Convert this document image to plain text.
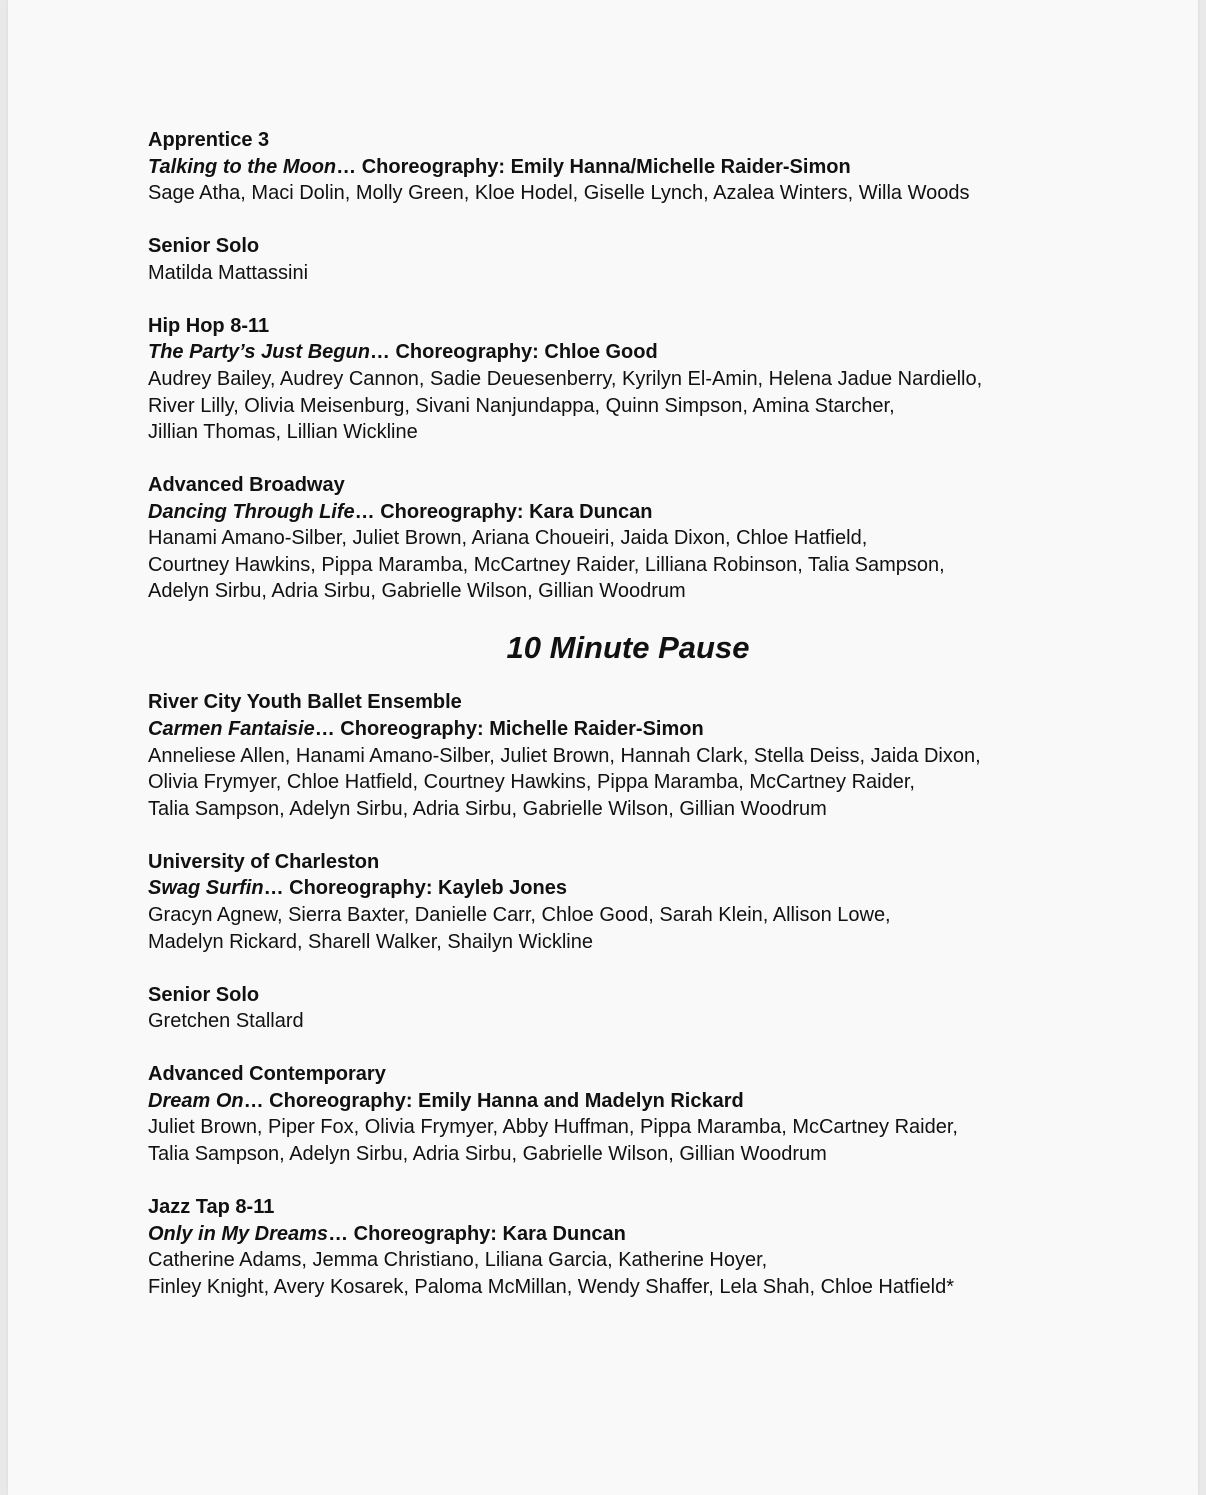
Apprentice 3
Talking to the Moon… Choreography: Emily Hanna/Michelle Raider-Simon
Sage Atha, Maci Dolin, Molly Green, Kloe Hodel, Giselle Lynch, Azalea Winters, Willa Woods
Senior Solo
Matilda Mattassini
Hip Hop 8-11
The Party’s Just Begun… Choreography: Chloe Good
Audrey Bailey, Audrey Cannon, Sadie Deuesenberry, Kyrilyn El-Amin, Helena Jadue Nardiello,
River Lilly, Olivia Meisenburg, Sivani Nanjundappa, Quinn Simpson, Amina Starcher,
Jillian Thomas, Lillian Wickline
Advanced Broadway
Dancing Through Life… Choreography: Kara Duncan
Hanami Amano-Silber, Juliet Brown, Ariana Choueiri, Jaida Dixon, Chloe Hatfield,
Courtney Hawkins, Pippa Maramba, McCartney Raider, Lilliana Robinson, Talia Sampson,
Adelyn Sirbu, Adria Sirbu, Gabrielle Wilson, Gillian Woodrum
10 Minute Pause
River City Youth Ballet Ensemble
Carmen Fantaisie… Choreography: Michelle Raider-Simon
Anneliese Allen, Hanami Amano-Silber, Juliet Brown, Hannah Clark, Stella Deiss, Jaida Dixon,
Olivia Frymyer, Chloe Hatfield, Courtney Hawkins, Pippa Maramba, McCartney Raider,
Talia Sampson, Adelyn Sirbu, Adria Sirbu, Gabrielle Wilson, Gillian Woodrum
University of Charleston
Swag Surfin… Choreography: Kayleb Jones
Gracyn Agnew, Sierra Baxter, Danielle Carr, Chloe Good, Sarah Klein, Allison Lowe,
Madelyn Rickard, Sharell Walker, Shailyn Wickline
Senior Solo
Gretchen Stallard
Advanced Contemporary
Dream On… Choreography: Emily Hanna and Madelyn Rickard
Juliet Brown, Piper Fox, Olivia Frymyer, Abby Huffman, Pippa Maramba, McCartney Raider,
Talia Sampson, Adelyn Sirbu, Adria Sirbu, Gabrielle Wilson, Gillian Woodrum
Jazz Tap 8-11
Only in My Dreams… Choreography: Kara Duncan
Catherine Adams, Jemma Christiano, Liliana Garcia, Katherine Hoyer,
Finley Knight, Avery Kosarek, Paloma McMillan, Wendy Shaffer, Lela Shah, Chloe Hatfield*
